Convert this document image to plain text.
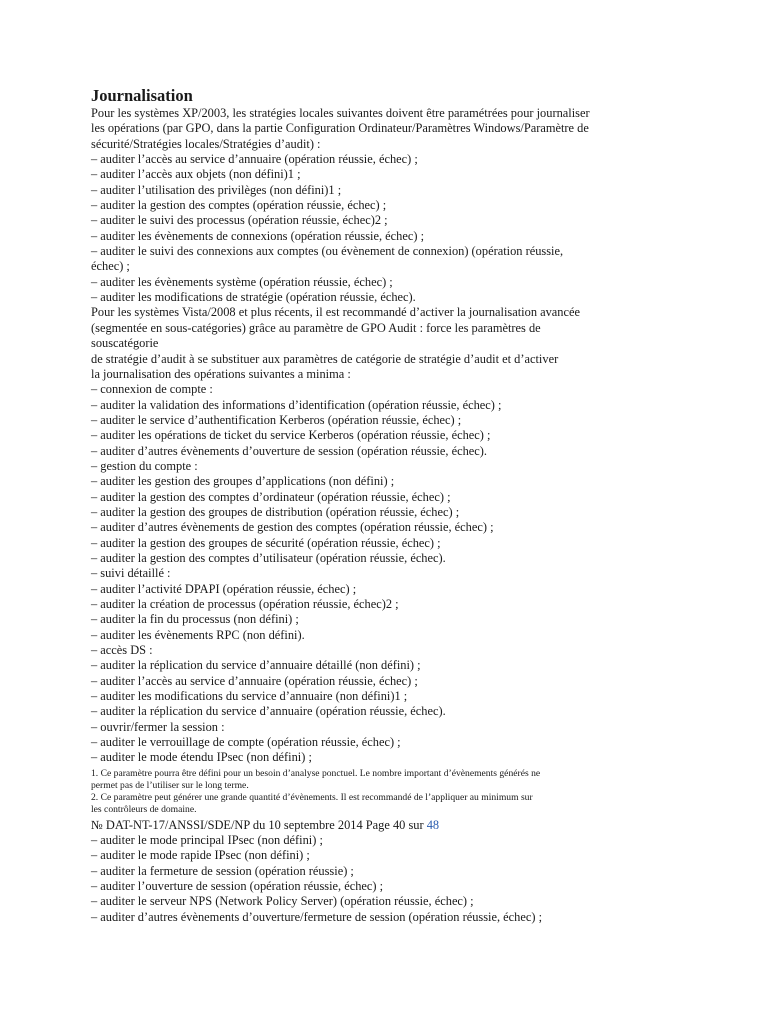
Journalisation

Pour les systèmes XP/2003, les stratégies locales suivantes doivent être paramétrées pour journaliser

les opérations (par GPO, dans la partie Configuration Ordinateur/Paramètres Windows/Paramètre de

sécurité/Stratégies locales/Stratégies d’audit) :

– auditer l’accès au service d’annuaire (opération réussie, échec) ;

– auditer l’accès aux objets (non défini)1 ;

– auditer l’utilisation des privilèges (non défini)1 ;

– auditer la gestion des comptes (opération réussie, échec) ;

– auditer le suivi des processus (opération réussie, échec)2 ;

– auditer les évènements de connexions (opération réussie, échec) ;

– auditer le suivi des connexions aux comptes (ou évènement de connexion) (opération réussie,

échec) ;

– auditer les évènements système (opération réussie, échec) ;

– auditer les modifications de stratégie (opération réussie, échec).

Pour les systèmes Vista/2008 et plus récents, il est recommandé d’activer la journalisation avancée

(segmentée en sous-catégories) grâce au paramètre de GPO Audit : force les paramètres de

souscatégorie

de stratégie d’audit à se substituer aux paramètres de catégorie de stratégie d’audit et d’activer

la journalisation des opérations suivantes a minima :

– connexion de compte :

– auditer la validation des informations d’identification (opération réussie, échec) ;

– auditer le service d’authentification Kerberos (opération réussie, échec) ;

– auditer les opérations de ticket du service Kerberos (opération réussie, échec) ;

– auditer d’autres évènements d’ouverture de session (opération réussie, échec).

– gestion du compte :

– auditer les gestion des groupes d’applications (non défini) ;

– auditer la gestion des comptes d’ordinateur (opération réussie, échec) ;

– auditer la gestion des groupes de distribution (opération réussie, échec) ;

– auditer d’autres évènements de gestion des comptes (opération réussie, échec) ;

– auditer la gestion des groupes de sécurité (opération réussie, échec) ;

– auditer la gestion des comptes d’utilisateur (opération réussie, échec).

– suivi détaillé :

– auditer l’activité DPAPI (opération réussie, échec) ;

– auditer la création de processus (opération réussie, échec)2 ;

– auditer la fin du processus (non défini) ;

– auditer les évènements RPC (non défini).

– accès DS :

– auditer la réplication du service d’annuaire détaillé (non défini) ;

– auditer l’accès au service d’annuaire (opération réussie, échec) ;

– auditer les modifications du service d’annuaire (non défini)1 ;

– auditer la réplication du service d’annuaire (opération réussie, échec).

– ouvrir/fermer la session :

– auditer le verrouillage de compte (opération réussie, échec) ;

– auditer le mode étendu IPsec (non défini) ;

1. Ce paramètre pourra être défini pour un besoin d’analyse ponctuel. Le nombre important d’évènements générés ne

permet pas de l’utiliser sur le long terme.

2. Ce paramètre peut générer une grande quantité d’évènements. Il est recommandé de l’appliquer au minimum sur

les contrôleurs de domaine.

№ DAT-NT-17/ANSSI/SDE/NP du 10 septembre 2014 Page 40 sur 48

– auditer le mode principal IPsec (non défini) ;

– auditer le mode rapide IPsec (non défini) ;

– auditer la fermeture de session (opération réussie) ;

– auditer l’ouverture de session (opération réussie, échec) ;

– auditer le serveur NPS (Network Policy Server) (opération réussie, échec) ;

– auditer d’autres évènements d’ouverture/fermeture de session (opération réussie, échec) ;
